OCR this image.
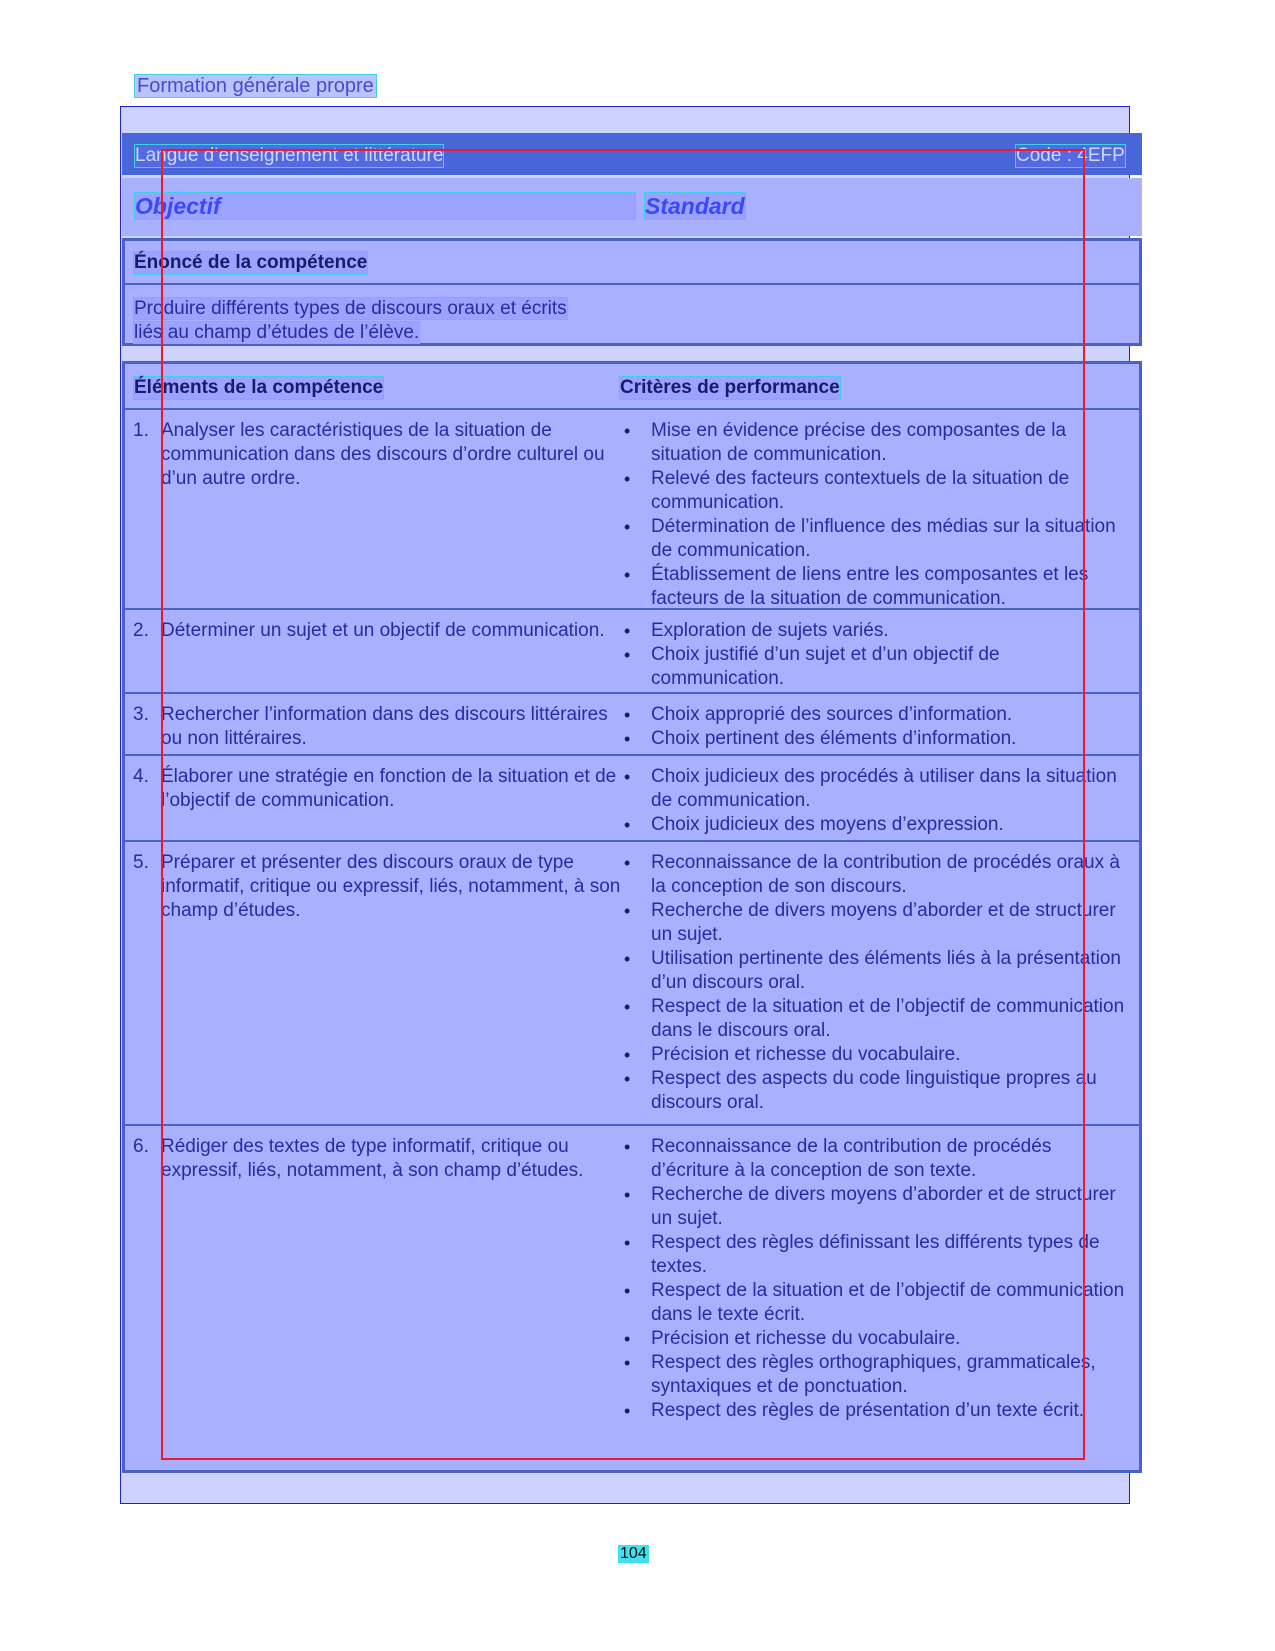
Formation générale propre
Langue d’enseignement et littérature	Code : 4EFP
Objectif	Standard
Énoncé de la compétence
Produire différents types de discours oraux et écrits
liés au champ d’études de l’élève.
Éléments de la compétence	Critères de performance
1. Analyser les caractéristiques de la situation de communication dans des discours d’ordre culturel ou d’un autre ordre.
• Mise en évidence précise des composantes de la situation de communication.
• Relevé des facteurs contextuels de la situation de communication.
• Détermination de l’influence des médias sur la situation de communication.
• Établissement de liens entre les composantes et les facteurs de la situation de communication.
2. Déterminer un sujet et un objectif de communication.
•	Exploration de sujets variés.
• Choix justifié d’un sujet et d’un objectif de communication.
3. Rechercher l’information dans des discours littéraires ou non littéraires.
• Choix approprié des sources d’information.
• Choix pertinent des éléments d’information.
4. Élaborer une stratégie en fonction de la situation et de l’objectif de communication.
• Choix judicieux des procédés à utiliser dans la situation de communication.
• Choix judicieux des moyens d’expression.
5. Préparer et présenter des discours oraux de type informatif, critique ou expressif, liés, notamment, à son champ d’études.
• Reconnaissance de la contribution de procédés oraux à la conception de son discours.
• Recherche de divers moyens d’aborder et de structurer un sujet.
• Utilisation pertinente des éléments liés à la présentation d’un discours oral.
• Respect de la situation et de l’objectif de communication dans le discours oral.
• Précision et richesse du vocabulaire.
• Respect des aspects du code linguistique propres au discours oral.
6. Rédiger des textes de type informatif, critique ou expressif, liés, notamment, à son champ d’études.
• Reconnaissance de la contribution de procédés d’écriture à la conception de son texte.
• Recherche de divers moyens d’aborder et de structurer un sujet.
• Respect des règles définissant les différents types de textes.
• Respect de la situation et de l’objectif de communication dans le texte écrit.
• Précision et richesse du vocabulaire.
• Respect des règles orthographiques, grammaticales, syntaxiques et de ponctuation.
• Respect des règles de présentation d’un texte écrit.
104
